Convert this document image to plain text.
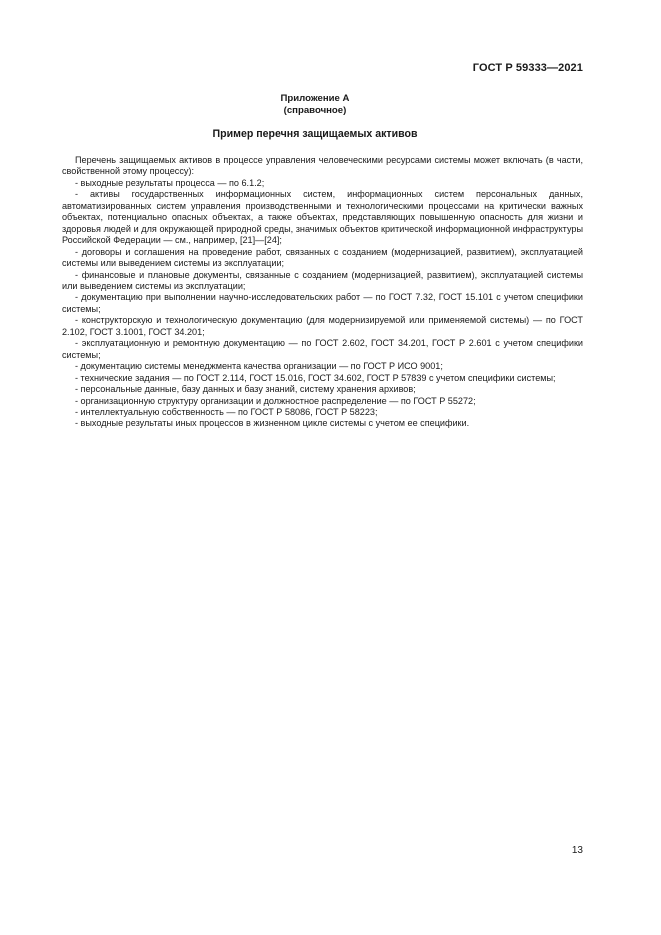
ГОСТ Р 59333—2021
Приложение А
(справочное)
Пример перечня защищаемых активов

Перечень защищаемых активов в процессе управления человеческими ресурсами системы может включать (в части, свойственной этому процессу):

- выходные результаты процесса — по 6.1.2;

- активы государственных информационных систем, информационных систем персональных данных, автоматизированных систем управления производственными и технологическими процессами на критически важных объектах, потенциально опасных объектах, а также объектах, представляющих повышенную опасность для жизни и здоровья людей и для окружающей природной среды, значимых объектов критической информационной инфраструктуры Российской Федерации — см., например, [21]—[24];

- договоры и соглашения на проведение работ, связанных с созданием (модернизацией, развитием), эксплуатацией системы или выведением системы из эксплуатации;

- финансовые и плановые документы, связанные с созданием (модернизацией, развитием), эксплуатацией системы или выведением системы из эксплуатации;

- документацию при выполнении научно-исследовательских работ — по ГОСТ 7.32, ГОСТ 15.101 с учетом специфики системы;

- конструкторскую и технологическую документацию (для модернизируемой или применяемой системы) — по ГОСТ 2.102, ГОСТ 3.1001, ГОСТ 34.201;

- эксплуатационную и ремонтную документацию — по ГОСТ 2.602, ГОСТ 34.201, ГОСТ Р 2.601 с учетом специфики системы;

- документацию системы менеджмента качества организации — по ГОСТ Р ИСО 9001;

- технические задания — по ГОСТ 2.114, ГОСТ 15.016, ГОСТ 34.602, ГОСТ Р 57839 с учетом специфики системы;

- персональные данные, базу данных и базу знаний, систему хранения архивов;

- организационную структуру организации и должностное распределение — по ГОСТ Р 55272;

- интеллектуальную собственность — по ГОСТ Р 58086, ГОСТ Р 58223;

- выходные результаты иных процессов в жизненном цикле системы с учетом ее специфики.

13
